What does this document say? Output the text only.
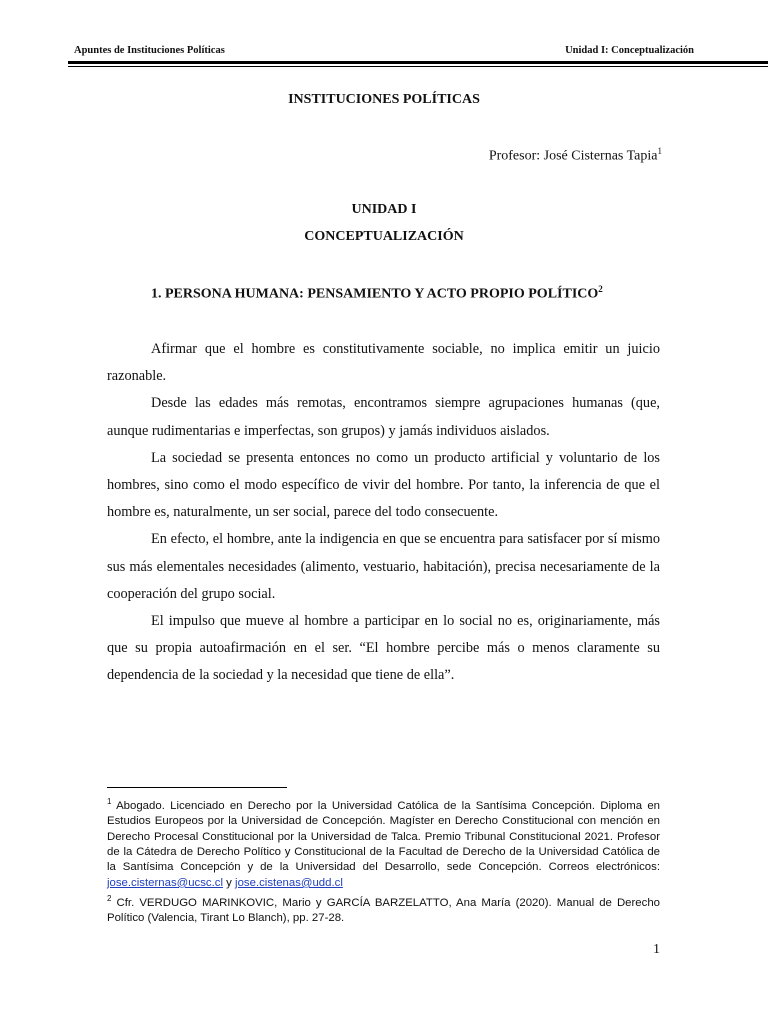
Apuntes de Instituciones Políticas	Unidad I: Conceptualización
INSTITUCIONES POLÍTICAS
Profesor: José Cisternas Tapia$^1$
UNIDAD I
CONCEPTUALIZACIÓN
1. PERSONA HUMANA: PENSAMIENTO Y ACTO PROPIO POLÍTICO$^2$

Afirmar que el hombre es constitutivamente sociable, no implica emitir un juicio razonable.

Desde las edades más remotas, encontramos siempre agrupaciones humanas (que, aunque rudimentarias e imperfectas, son grupos) y jamás individuos aislados.

La sociedad se presenta entonces no como un producto artificial y voluntario de los hombres, sino como el modo específico de vivir del hombre. Por tanto, la inferencia de que el hombre es, naturalmente, un ser social, parece del todo consecuente.

En efecto, el hombre, ante la indigencia en que se encuentra para satisfacer por sí mismo sus más elementales necesidades (alimento, vestuario, habitación), precisa necesariamente de la cooperación del grupo social.

El impulso que mueve al hombre a participar en lo social no es, originariamente, más que su propia autoafirmación en el ser. “El hombre percibe más o menos claramente su dependencia de la sociedad y la necesidad que tiene de ella”.

$^1$ Abogado. Licenciado en Derecho por la Universidad Católica de la Santísima Concepción. Diploma en Estudios Europeos por la Universidad de Concepción. Magíster en Derecho Constitucional con mención en Derecho Procesal Constitucional por la Universidad de Talca. Premio Tribunal Constitucional 2021. Profesor de la Cátedra de Derecho Político y Constitucional de la Facultad de Derecho de la Universidad Católica de la Santísima Concepción y de la Universidad del Desarrollo, sede Concepción. Correos electrónicos: jose.cisternas@ucsc.cl y jose.cistenas@udd.cl

$^2$ Cfr. VERDUGO MARINKOVIC, Mario y GARCÍA BARZELATTO, Ana María (2020). Manual de Derecho Político (Valencia, Tirant Lo Blanch), pp. 27-28.

1
